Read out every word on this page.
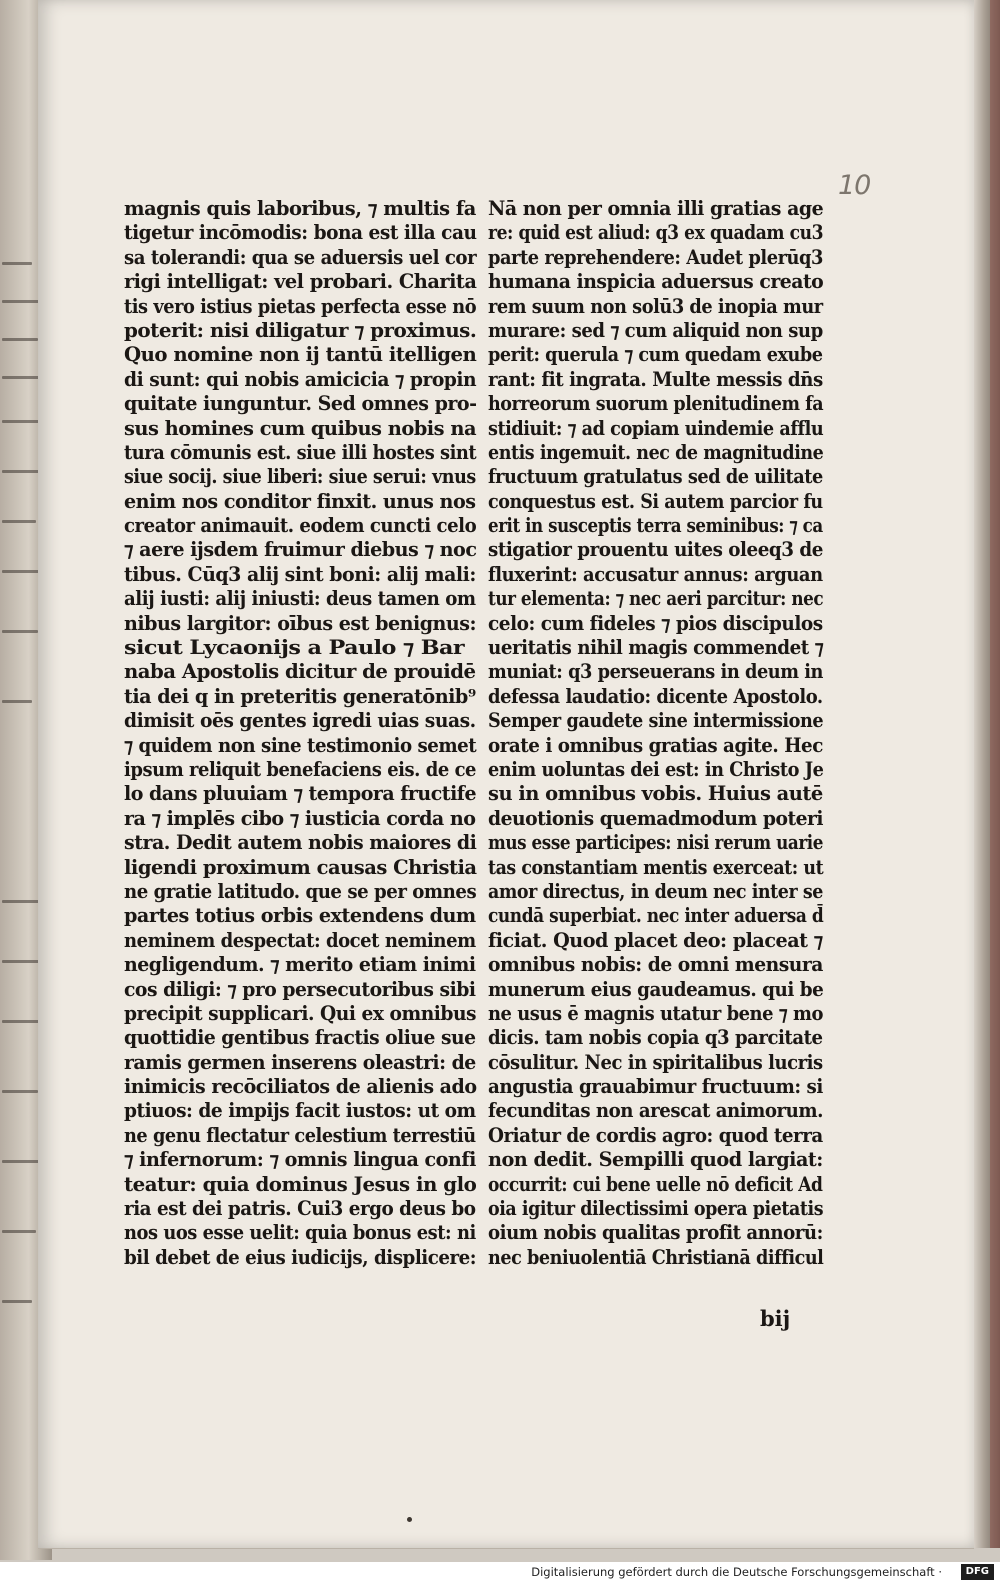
10
magnis quis laboribus, ⁊ multis fa
tigetur incōmodis: bona est illa cau
sa tolerandi: qua se aduersis uel cor
rigi intelligat: vel probari. Charita
tis vero istius pietas perfecta esse nō
poterit: nisi diligatur ⁊ proximus.
Quo nomine non ij tantū itelligen
di sunt: qui nobis amicicia ⁊ propin
quitate iunguntur. Sed omnes pro-
sus homines cum quibus nobis na
tura cōmunis est. siue illi hostes sint
siue socij. siue liberi: siue serui: vnus
enim nos conditor finxit. unus nos
creator animauit. eodem cuncti celo
⁊ aere ijsdem fruimur diebus ⁊ noc
tibus. Cūq3 alij sint boni: alij mali:
alij iusti: alij iniusti: deus tamen om
nibus largitor: oībus est benignus:
sicut Lycaonijs a Paulo ⁊ Bar
naba Apostolis dicitur de prouidē
tia dei q in preteritis generatōnib⁹
dimisit oēs gentes igredi uias suas.
⁊ quidem non sine testimonio semet
ipsum reliquit benefaciens eis. de ce
lo dans pluuiam ⁊ tempora fructife
ra ⁊ implēs cibo ⁊ iusticia corda no
stra. Dedit autem nobis maiores di
ligendi proximum causas Christia
ne gratie latitudo. que se per omnes
partes totius orbis extendens dum
neminem despectat: docet neminem
negligendum. ⁊ merito etiam inimi
cos diligi: ⁊ pro persecutoribus sibi
precipit supplicari. Qui ex omnibus
quottidie gentibus fractis oliue sue
ramis germen inserens oleastri: de
inimicis recōciliatos de alienis ado
ptiuos: de impijs facit iustos: ut om
ne genu flectatur celestium terrestiū
⁊ infernorum: ⁊ omnis lingua confi
teatur: quia dominus Jesus in glo
ria est dei patris. Cui3 ergo deus bo
nos uos esse uelit: quia bonus est: ni
bil debet de eius iudicijs, displicere:
Nā non per omnia illi gratias age
re: quid est aliud: q3 ex quadam cu3
parte reprehendere: Audet plerūq3
humana inspicia aduersus creato
rem suum non solū3 de inopia mur
murare: sed ⁊ cum aliquid non sup
perit: querula ⁊ cum quedam exube
rant: fit ingrata. Multe messis dn̄s
horreorum suorum plenitudinem fa
stidiuit: ⁊ ad copiam uindemie afflu
entis ingemuit. nec de magnitudine
fructuum gratulatus sed de uilitate
conquestus est. Si autem parcior fu
erit in susceptis terra seminibus: ⁊ ca
stigatior prouentu uites oleeq3 de
fluxerint: accusatur annus: arguan
tur elementa: ⁊ nec aeri parcitur: nec
celo: cum fideles ⁊ pios discipulos
ueritatis nihil magis commendet ⁊
muniat: q3 perseuerans in deum in
defessa laudatio: dicente Apostolo.
Semper gaudete sine intermissione
orate i omnibus gratias agite. Hec
enim uoluntas dei est: in Christo Je
su in omnibus vobis. Huius autē
deuotionis quemadmodum poteri
mus esse participes: nisi rerum uarie
tas constantiam mentis exerceat: ut
amor directus, in deum nec inter se
cundā superbiat. nec inter aduersa d̄
ficiat. Quod placet deo: placeat ⁊
omnibus nobis: de omni mensura
munerum eius gaudeamus. qui be
ne usus ē magnis utatur bene ⁊ mo
dicis. tam nobis copia q3 parcitate
cōsulitur. Nec in spiritalibus lucris
angustia grauabimur fructuum: si
fecunditas non arescat animorum.
Oriatur de cordis agro: quod terra
non dedit. Sempilli quod largiat:
occurrit: cui bene uelle nō deficit Ad
oia igitur dilectissimi opera pietatis
oium nobis qualitas profit annorū:
nec beniuolentiā Christianā difficul
bij
Digitalisierung gefördert durch die Deutsche Forschungsgemeinschaft ·	DFG
